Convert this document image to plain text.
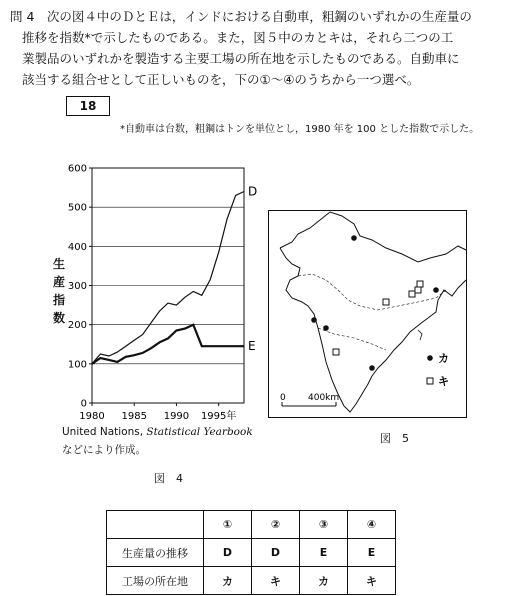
問 4　次の図４中のＤとＥは，インドにおける自動車，粗鋼のいずれかの生産量の
推移を指数*で示したものである。また，図５中のカとキは，それら二つの工
業製品のいずれかを製造する主要工場の所在地を示したものである。自動車に
該当する組合せとして正しいものを，下の①～④のうちから一つ選べ。
18
*自動車は台数，粗鋼はトンを単位とし，1980 年を 100 とした指数で示した。
0
100
200
300
400
500
600
1980 1985 1990 1995年
D
E
生
産
指
数
United Nations, Statistical Yearbook
などにより作成。
図　4
0 400km
カ
キ
図　5
	①	②	③	④
生産量の推移	D	D	E	E
工場の所在地	カ	キ	カ	キ
